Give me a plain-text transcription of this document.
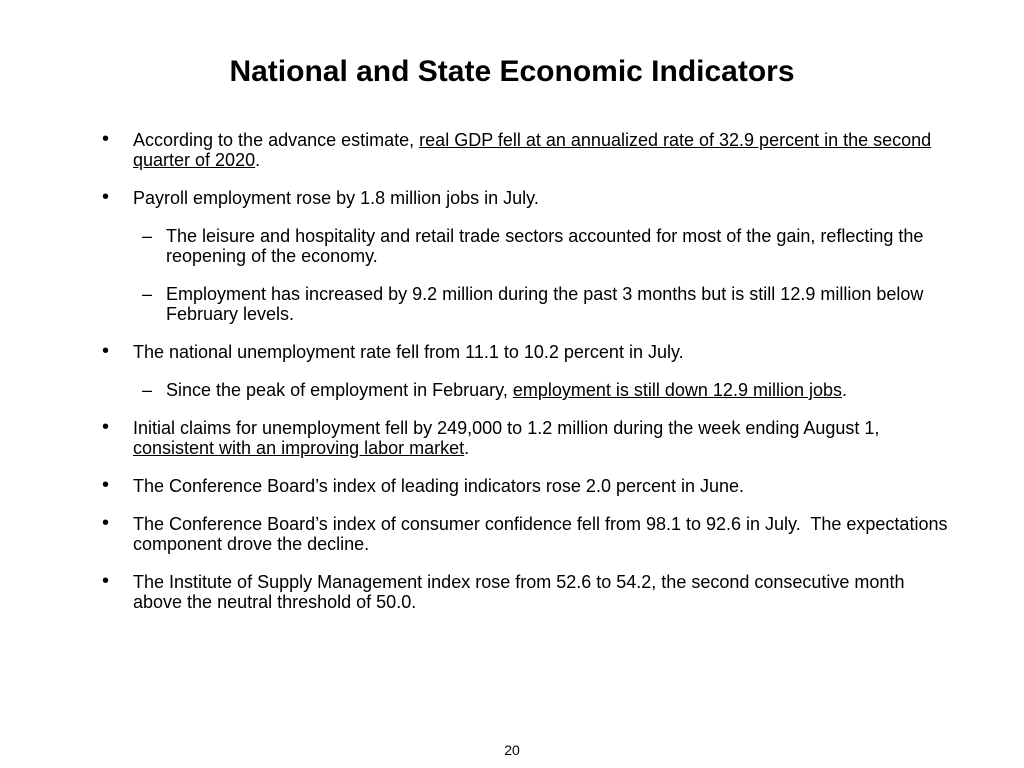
National and State Economic Indicators
• According to the advance estimate, real GDP fell at an annualized rate of 32.9 percent in the second quarter of 2020.
• Payroll employment rose by 1.8 million jobs in July.
– The leisure and hospitality and retail trade sectors accounted for most of the gain, reflecting the reopening of the economy.
– Employment has increased by 9.2 million during the past 3 months but is still 12.9 million below February levels.
• The national unemployment rate fell from 11.1 to 10.2 percent in July.
– Since the peak of employment in February, employment is still down 12.9 million jobs.
• Initial claims for unemployment fell by 249,000 to 1.2 million during the week ending August 1, consistent with an improving labor market.
• The Conference Board’s index of leading indicators rose 2.0 percent in June.
• The Conference Board’s index of consumer confidence fell from 98.1 to 92.6 in July.  The expectations component drove the decline.
• The Institute of Supply Management index rose from 52.6 to 54.2, the second consecutive month above the neutral threshold of 50.0.
20
